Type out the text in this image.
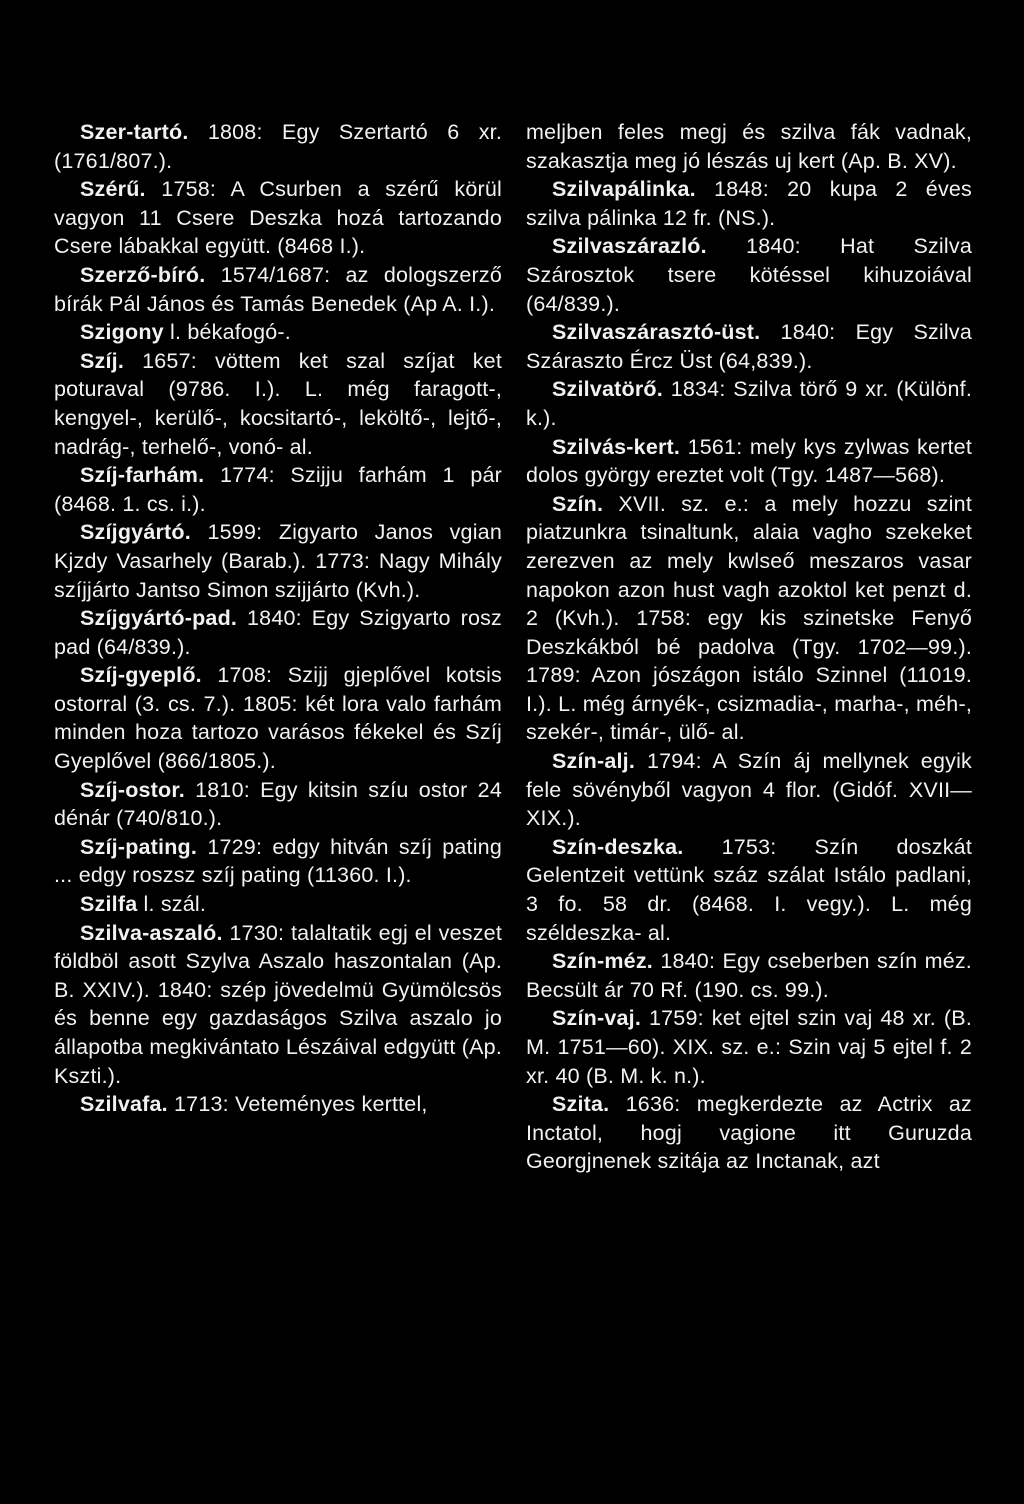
Szer-tartó. 1808: Egy Szertartó 6 xr. (1761/807.).

Szérű. 1758: A Csurben a szérű körül vagyon 11 Csere Deszka hozá tartozando Csere lábakkal együtt. (8468 I.).

Szerző-bíró. 1574/1687: az dologszerző bírák Pál János és Tamás Benedek (Ap A. I.).

Szigony l. békafogó-.

Szíj. 1657: vöttem ket szal szíjat ket poturaval (9786. I.). L. még faragott-, kengyel-, kerülő-, kocsitartó-, leköltő-, lejtő-, nadrág-, terhelő-, vonó- al.

Szíj-farhám. 1774: Szijju farhám 1 pár (8468. 1. cs. i.).

Szíjgyártó. 1599: Zigyarto Janos vgian Kjzdy Vasarhely (Barab.). 1773: Nagy Mihály szíjjárto Jantso Simon szijjárto (Kvh.).

Szíjgyártó-pad. 1840: Egy Szigyarto rosz pad (64/839.).

Szíj-gyeplő. 1708: Szijj gjeplővel kotsis ostorral (3. cs. 7.). 1805: két lora valo farhám minden hoza tartozo varásos fékekel és Szíj Gyeplővel (866/1805.).

Szíj-ostor. 1810: Egy kitsin szíu ostor 24 dénár (740/810.).

Szíj-pating. 1729: edgy hitván szíj pating ... edgy roszsz szíj pating (11360. I.).

Szilfa l. szál.

Szilva-aszaló. 1730: talaltatik egj el veszet földböl asott Szylva Aszalo haszontalan (Ap. B. XXIV.). 1840: szép jövedelmü Gyümölcsös és benne egy gazdaságos Szilva aszalo jo állapotba megkivántato Lészáival edgyütt (Ap. Kszti.).

Szilvafa. 1713: Veteményes kerttel,

meljben feles megj és szilva fák vadnak, szakasztja meg jó lészás uj kert (Ap. B. XV).

Szilvapálinka. 1848: 20 kupa 2 éves szilva pálinka 12 fr. (NS.).

Szilvaszárazló. 1840: Hat Szilva Szárosztok tsere kötéssel kihuzoiával (64/839.).

Szilvaszárasztó-üst. 1840: Egy Szilva Száraszto Ércz Üst (64,839.).

Szilvatörő. 1834: Szilva törő 9 xr. (Különf. k.).

Szilvás-kert. 1561: mely kys zylwas kertet dolos györgy ereztet volt (Tgy. 1487—568).

Szín. XVII. sz. e.: a mely hozzu szint piatzunkra tsinaltunk, alaia vagho szekeket zerezven az mely kwlseő meszaros vasar napokon azon hust vagh azoktol ket penzt d. 2 (Kvh.). 1758: egy kis szinetske Fenyő Deszkákból bé padolva (Tgy. 1702—99.). 1789: Azon jószágon istálo Szinnel (11019. I.). L. még árnyék-, csizmadia-, marha-, méh-, szekér-, timár-, ülő- al.

Szín-alj. 1794: A Szín áj mellynek egyik fele sövényből vagyon 4 flor. (Gidóf. XVII—XIX.).

Szín-deszka. 1753: Szín doszkát Gelentzeit vettünk száz szálat Istálo padlani, 3 fo. 58 dr. (8468. I. vegy.). L. még széldeszka- al.

Szín-méz. 1840: Egy cseberben szín méz. Becsült ár 70 Rf. (190. cs. 99.).

Szín-vaj. 1759: ket ejtel szin vaj 48 xr. (B. M. 1751—60). XIX. sz. e.: Szin vaj 5 ejtel f. 2 xr. 40 (B. M. k. n.).

Szita. 1636: megkerdezte az Actrix az Inctatol, hogj vagione itt Guruzda Georgjnenek szitája az Inctanak, azt
